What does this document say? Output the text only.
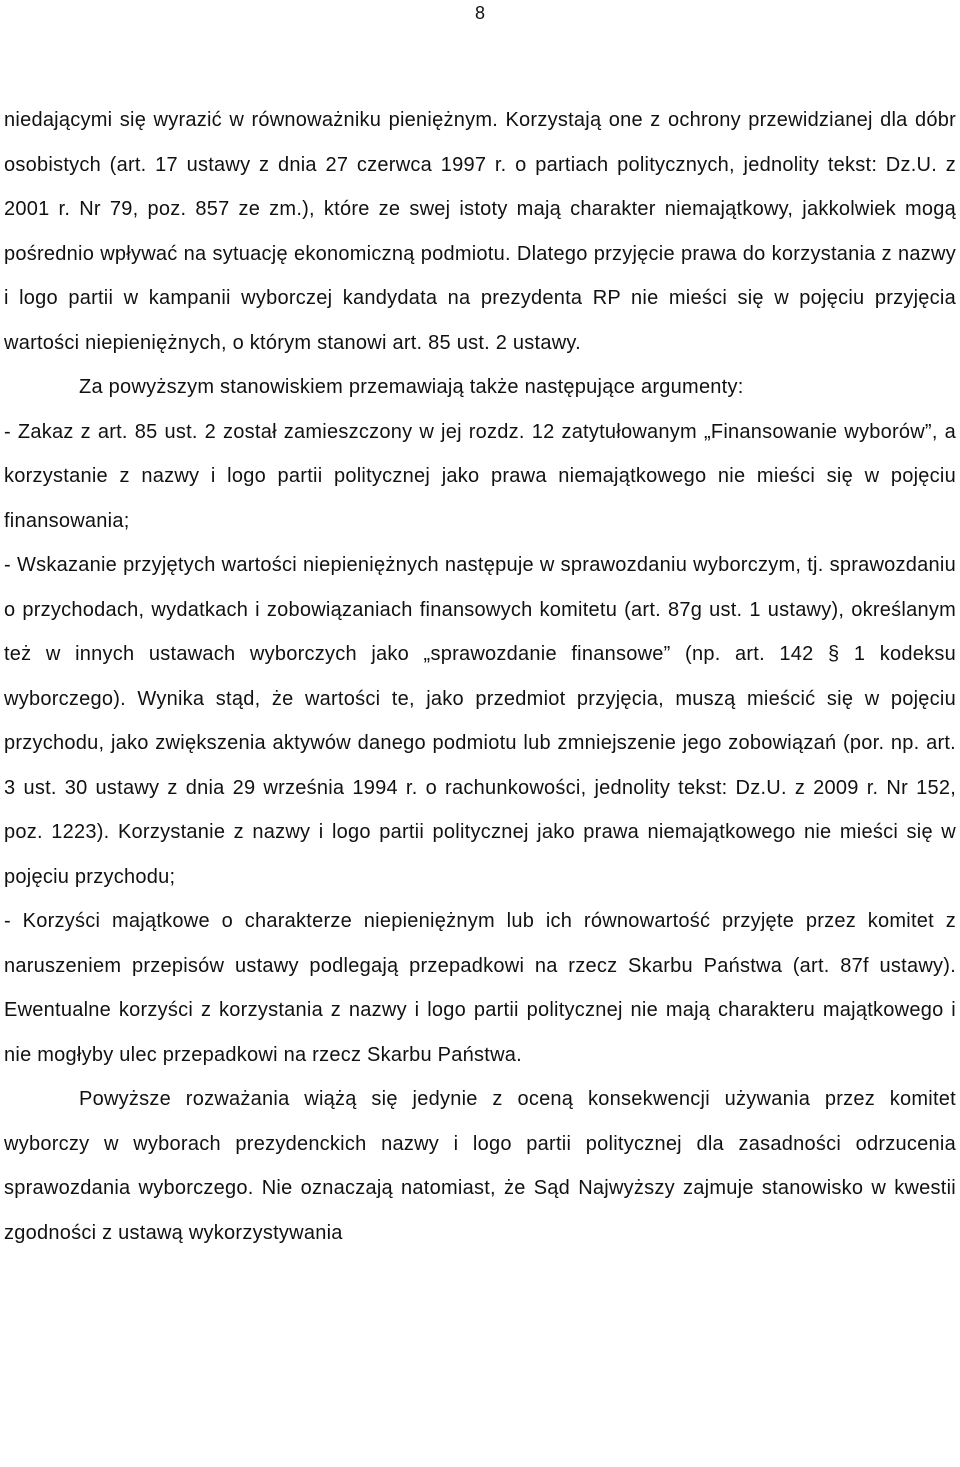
8

niedającymi się wyrazić w równoważniku pieniężnym. Korzystają one z ochrony przewidzianej dla dóbr osobistych (art. 17 ustawy z dnia 27 czerwca 1997 r. o partiach politycznych, jednolity tekst: Dz.U. z 2001 r. Nr 79, poz. 857 ze zm.), które ze swej istoty mają charakter niemajątkowy, jakkolwiek mogą pośrednio wpływać na sytuację ekonomiczną podmiotu. Dlatego przyjęcie prawa do korzystania z nazwy i logo partii w kampanii wyborczej kandydata na prezydenta RP nie mieści się w pojęciu przyjęcia wartości niepieniężnych, o którym stanowi art. 85 ust. 2 ustawy.

Za powyższym stanowiskiem przemawiają także następujące argumenty:

- Zakaz z art. 85 ust. 2 został zamieszczony w jej rozdz. 12 zatytułowanym „Finansowanie wyborów”, a korzystanie z nazwy i logo partii politycznej jako prawa niemajątkowego nie mieści się w pojęciu finansowania;

- Wskazanie przyjętych wartości niepieniężnych następuje w sprawozdaniu wyborczym, tj. sprawozdaniu o przychodach, wydatkach i zobowiązaniach finansowych komitetu (art. 87g ust. 1 ustawy), określanym też w innych ustawach wyborczych jako „sprawozdanie finansowe” (np. art. 142 § 1 kodeksu wyborczego). Wynika stąd, że wartości te, jako przedmiot przyjęcia, muszą mieścić się w pojęciu przychodu, jako zwiększenia aktywów danego podmiotu lub zmniejszenie jego zobowiązań (por. np. art. 3 ust. 30 ustawy z dnia 29 września 1994 r. o rachunkowości, jednolity tekst: Dz.U. z 2009 r. Nr 152, poz. 1223). Korzystanie z nazwy i logo partii politycznej jako prawa niemajątkowego nie mieści się w pojęciu przychodu;

- Korzyści majątkowe o charakterze niepieniężnym lub ich równowartość przyjęte przez komitet z naruszeniem przepisów ustawy podlegają przepadkowi na rzecz Skarbu Państwa (art. 87f ustawy). Ewentualne korzyści z korzystania z nazwy i logo partii politycznej nie mają charakteru majątkowego i nie mogłyby ulec przepadkowi na rzecz Skarbu Państwa.

Powyższe rozważania wiążą się jedynie z oceną konsekwencji używania przez komitet wyborczy w wyborach prezydenckich nazwy i logo partii politycznej dla zasadności odrzucenia sprawozdania wyborczego. Nie oznaczają natomiast, że Sąd Najwyższy zajmuje stanowisko w kwestii zgodności z ustawą wykorzystywania
